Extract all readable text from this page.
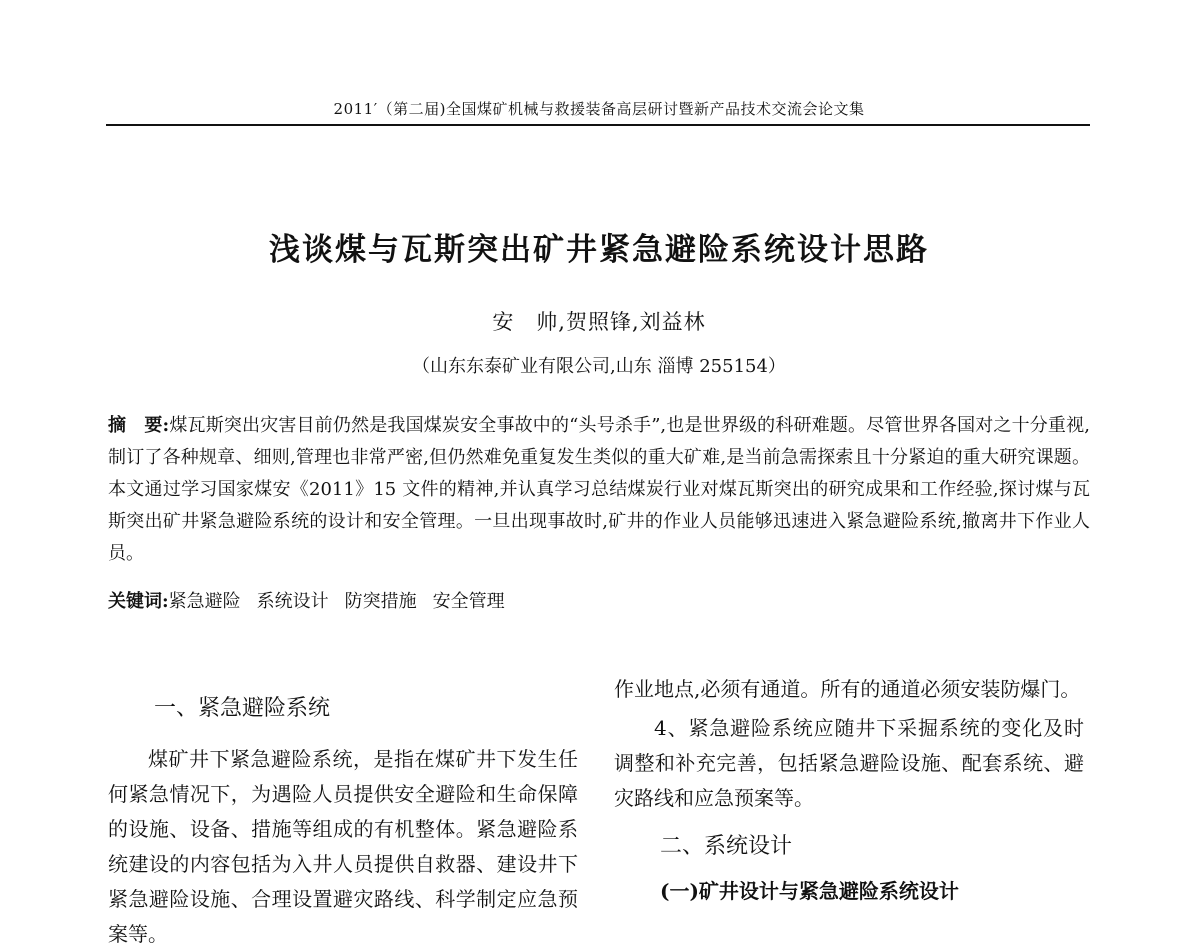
2011′（第二届)全国煤矿机械与救援装备高层研讨暨新产品技术交流会论文集
浅谈煤与瓦斯突出矿井紧急避险系统设计思路
安　帅,贺照锋,刘益林
（山东东泰矿业有限公司,山东 淄博 255154）
摘　要:煤瓦斯突出灾害目前仍然是我国煤炭安全事故中的“头号杀手”,也是世界级的科研难题。尽管世界各国对之十分重视,制订了各种规章、细则,管理也非常严密,但仍然难免重复发生类似的重大矿难,是当前急需探索且十分紧迫的重大研究课题。本文通过学习国家煤安《2011》15 文件的精神,并认真学习总结煤炭行业对煤瓦斯突出的研究成果和工作经验,探讨煤与瓦斯突出矿井紧急避险系统的设计和安全管理。一旦出现事故时,矿井的作业人员能够迅速进入紧急避险系统,撤离井下作业人员。
关键词:紧急避险 系统设计 防突措施 安全管理
一、紧急避险系统

煤矿井下紧急避险系统，是指在煤矿井下发生任何紧急情况下，为遇险人员提供安全避险和生命保障的设施、设备、措施等组成的有机整体。紧急避险系统建设的内容包括为入井人员提供自救器、建设井下紧急避险设施、合理设置避灾路线、科学制定应急预案等。

作业地点,必须有通道。所有的通道必须安装防爆门。

4、紧急避险系统应随井下采掘系统的变化及时调整和补充完善，包括紧急避险设施、配套系统、避灾路线和应急预案等。

二、系统设计

(一)矿井设计与紧急避险系统设计
